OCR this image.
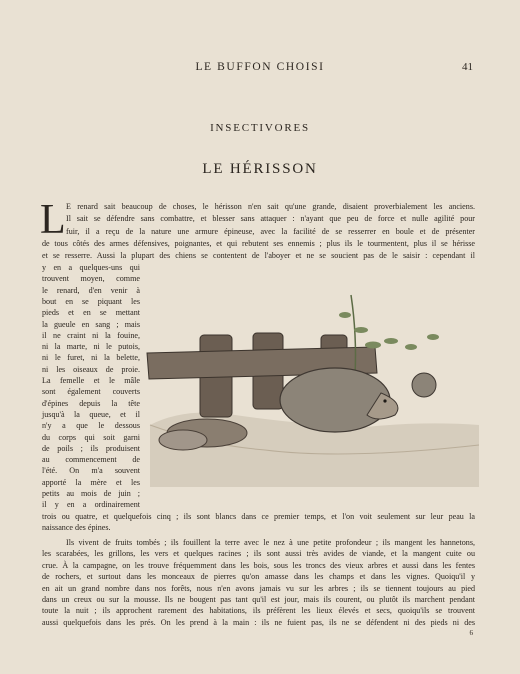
LE BUFFON CHOISI	41
INSECTIVORES
LE HÉRISSON
L E renard sait beaucoup de choses, le hérisson n'en sait qu'une grande, disaient proverbialement les anciens.
Il sait se défendre sans combattre, et blesser sans attaquer : n'ayant que peu de force et nulle agilité pour
fuir, il a reçu de la nature une armure épineuse, avec la facilité de se resserrer en boule et de présenter
de tous côtés des armes défensives, poignantes, et qui rebutent ses ennemis ; plus ils le tourmentent, plus il se hérisse
et se resserre. Aussi la plupart des chiens se contentent de l'aboyer et ne se soucient pas de le saisir : cependant il
y en a quelques-uns qui
trouvent moyen, comme
le renard, d'en venir à
bout en se piquant les
pieds et en se mettant
la gueule en sang ; mais
il ne craint ni la fouine,
ni la marte, ni le putois,
ni le furet, ni la belette,
ni les oiseaux de proie.
La femelle et le mâle
sont également couverts
d'épines depuis la tête
jusqu'à la queue, et il
n'y a que le dessous
du corps qui soit garni
de poils ; ils produisent
au commencement de
l'été. On m'a souvent
apporté la mère et les
petits au mois de juin ;
il y en a ordinairement
trois ou quatre, et quelquefois cinq ; ils sont blancs dans ce premier temps, et l'on voit seulement sur leur peau la
naissance des épines.
Ils vivent de fruits tombés ; ils fouillent la terre avec le nez à une petite profondeur ; ils mangent les hannetons,
les scarabées, les grillons, les vers et quelques racines ; ils sont aussi très avides de viande, et la mangent cuite ou
crue. À la campagne, on les trouve fréquemment dans les bois, sous les troncs des vieux arbres et aussi dans les fentes
de rochers, et surtout dans les monceaux de pierres qu'on amasse dans les champs et dans les vignes. Quoiqu'il y
en ait un grand nombre dans nos forêts, nous n'en avons jamais vu sur les arbres ; ils se tiennent toujours au pied
dans un creux ou sur la mousse. Ils ne bougent pas tant qu'il est jour, mais ils courent, ou plutôt ils marchent pendant
toute la nuit ; ils approchent rarement des habitations, ils préfèrent les lieux élevés et secs, quoiqu'ils se trouvent
aussi quelquefois dans les prés. On les prend à la main : ils ne fuient pas, ils ne se défendent ni des pieds ni des
6
